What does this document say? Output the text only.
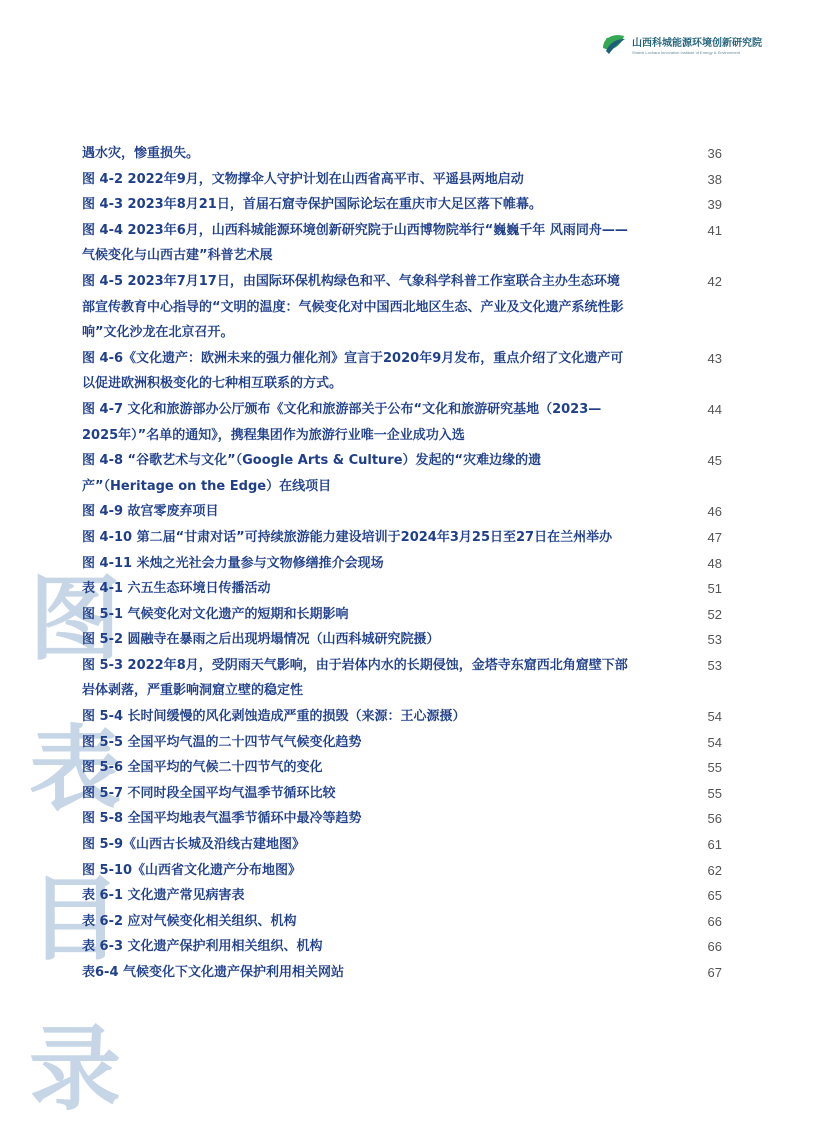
山西科城能源环境创新研究院
Shanxi Lochara Innovation Institute of Energy & Environment
图
表
目
录
遇水灾，惨重损失。	36
图 4-2 2022年9月，文物撑伞人守护计划在山西省高平市、平遥县两地启动	38
图 4-3 2023年8月21日，首届石窟寺保护国际论坛在重庆市大足区落下帷幕。	39
图 4-4 2023年6月，山西科城能源环境创新研究院于山西博物院举行“巍巍千年 风雨同舟——气候变化与山西古建”科普艺术展
41
图 4-5 2023年7月17日，由国际环保机构绿色和平、气象科学科普工作室联合主办生态环境部宣传教育中心指导的“文明的温度：气候变化对中国西北地区生态、产业及文化遗产系统性影响”文化沙龙在北京召开。
42
图 4-6《文化遗产：欧洲未来的强力催化剂》宣言于2020年9月发布，重点介绍了文化遗产可以促进欧洲积极变化的七种相互联系的方式。
43
图 4-7 文化和旅游部办公厅颁布《文化和旅游部关于公布“文化和旅游研究基地（2023—2025年）”名单的通知》，携程集团作为旅游行业唯一企业成功入选
44
图 4-8 “谷歌艺术与文化”（Google Arts & Culture）发起的“灾难边缘的遗产”（Heritage on the Edge）在线项目
45
图 4-9 故宫零废弃项目	46
图 4-10 第二届“甘肃对话”可持续旅游能力建设培训于2024年3月25日至27日在兰州举办	47
图 4-11 米烛之光社会力量参与文物修缮推介会现场	48
表 4-1 六五生态环境日传播活动	51
图 5-1 气候变化对文化遗产的短期和长期影响	52
图 5-2 圆融寺在暴雨之后出现坍塌情况（山西科城研究院摄）	53
图 5-3 2022年8月，受阴雨天气影响，由于岩体内水的长期侵蚀，金塔寺东窟西北角窟壁下部岩体剥落，严重影响洞窟立壁的稳定性
53
图 5-4 长时间缓慢的风化剥蚀造成严重的损毁（来源：王心源摄）	54
图 5-5 全国平均气温的二十四节气气候变化趋势	54
图 5-6 全国平均的气候二十四节气的变化	55
图 5-7 不同时段全国平均气温季节循环比较	55
图 5-8 全国平均地表气温季节循环中最冷等趋势	56
图 5-9《山西古长城及沿线古建地图》	61
图 5-10《山西省文化遗产分布地图》	62
表 6-1 文化遗产常见病害表	65
表 6-2 应对气候变化相关组织、机构	66
表 6-3 文化遗产保护利用相关组织、机构	66
表6-4 气候变化下文化遗产保护利用相关网站	67
